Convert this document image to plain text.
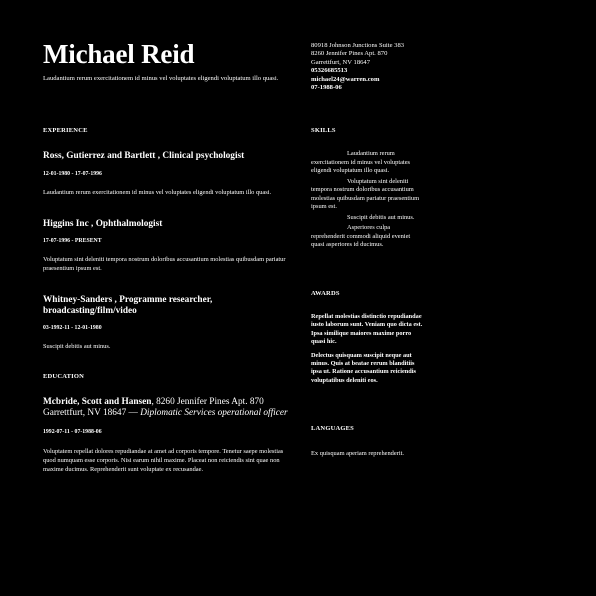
Michael Reid
Laudantium rerum exercitationem id minus vel voluptates eligendi voluptatum illo quasi.
EXPERIENCE
Ross, Gutierrez and Bartlett , Clinical psychologist
12-01-1980 - 17-07-1996
Laudantium rerum exercitationem id minus vel voluptates eligendi voluptatum illo quasi.
Higgins Inc , Ophthalmologist
17-07-1996 - PRESENT
Voluptatum sint deleniti tempora nostrum doloribus accusantium molestias quibusdam pariatur praesentium ipsum est.
Whitney-Sanders , Programme researcher, broadcasting/film/video
03-1992-11 - 12-01-1980
Suscipit debitis aut minus.
EDUCATION
Mcbride, Scott and Hansen, 8260 Jennifer Pines Apt. 870 Garrettfurt, NV 18647 — Diplomatic Services operational officer
1992-07-11 - 07-1988-06
Voluptatem repellat dolores repudiandae at amet ad corporis tempore. Tenetur saepe molestias quod numquam esse corporis. Nisi earum nihil maxime. Placeat non reiciendis sint quae non maxime ducimus. Reprehenderit sunt voluptate ex recusandae.
80918 Johnson Junctions Suite 383
8260 Jennifer Pines Apt. 870
Garrettfurt, NV 18647
05326685513
michael24@warren.com
07-1988-06
SKILLS
Laudantium rerum exercitationem id minus vel voluptates eligendi voluptatum illo quasi.
Voluptatum sint deleniti tempora nostrum doloribus accusantium molestias quibusdam pariatur praesentium ipsum est.
Suscipit debitis aut minus.
Asperiores culpa reprehenderit commodi aliquid eveniet quasi asperiores id ducimus.
AWARDS
Repellat molestias distinctio repudiandae iusto laborum sunt. Veniam quo dicta est. Ipsa similique maiores maxime porro quasi hic.
Delectus quisquam suscipit neque aut minus. Quis at beatae rerum blanditiis ipsa ut. Ratione accusantium reiciendis voluptatibus deleniti eos.
LANGUAGES
Ex quisquam aperiam reprehenderit.
